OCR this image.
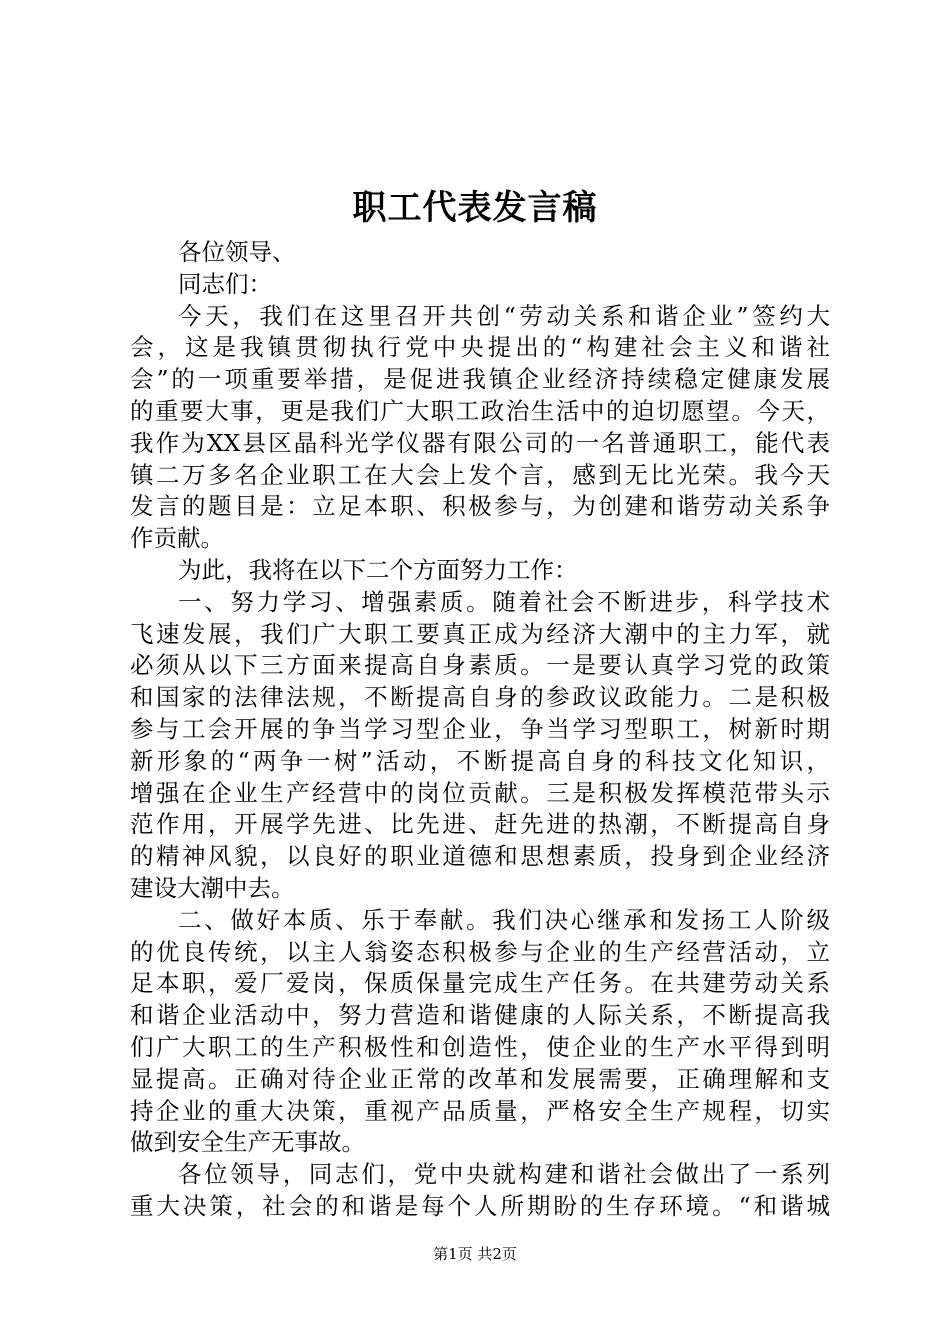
职工代表发言稿
各位领导、
同志们：
今天，我们在这里召开共创“劳动关系和谐企业”签约大
会，这是我镇贯彻执行党中央提出的“构建社会主义和谐社
会”的一项重要举措，是促进我镇企业经济持续稳定健康发展
的重要大事，更是我们广大职工政治生活中的迫切愿望。今天，
我作为XX县区晶科光学仪器有限公司的一名普通职工，能代表
镇二万多名企业职工在大会上发个言，感到无比光荣。我今天
发言的题目是：立足本职、积极参与，为创建和谐劳动关系争
作贡献。
为此，我将在以下二个方面努力工作：
一、努力学习、增强素质。随着社会不断进步，科学技术
飞速发展，我们广大职工要真正成为经济大潮中的主力军，就
必须从以下三方面来提高自身素质。一是要认真学习党的政策
和国家的法律法规，不断提高自身的参政议政能力。二是积极
参与工会开展的争当学习型企业，争当学习型职工，树新时期
新形象的“两争一树”活动，不断提高自身的科技文化知识，
增强在企业生产经营中的岗位贡献。三是积极发挥模范带头示
范作用，开展学先进、比先进、赶先进的热潮，不断提高自身
的精神风貌，以良好的职业道德和思想素质，投身到企业经济
建设大潮中去。
二、做好本质、乐于奉献。我们决心继承和发扬工人阶级
的优良传统，以主人翁姿态积极参与企业的生产经营活动，立
足本职，爱厂爱岗，保质保量完成生产任务。在共建劳动关系
和谐企业活动中，努力营造和谐健康的人际关系，不断提高我
们广大职工的生产积极性和创造性，使企业的生产水平得到明
显提高。正确对待企业正常的改革和发展需要，正确理解和支
持企业的重大决策，重视产品质量，严格安全生产规程，切实
做到安全生产无事故。
各位领导，同志们，党中央就构建和谐社会做出了一系列
重大决策，社会的和谐是每个人所期盼的生存环境。“和谐城
第1页 共2页
